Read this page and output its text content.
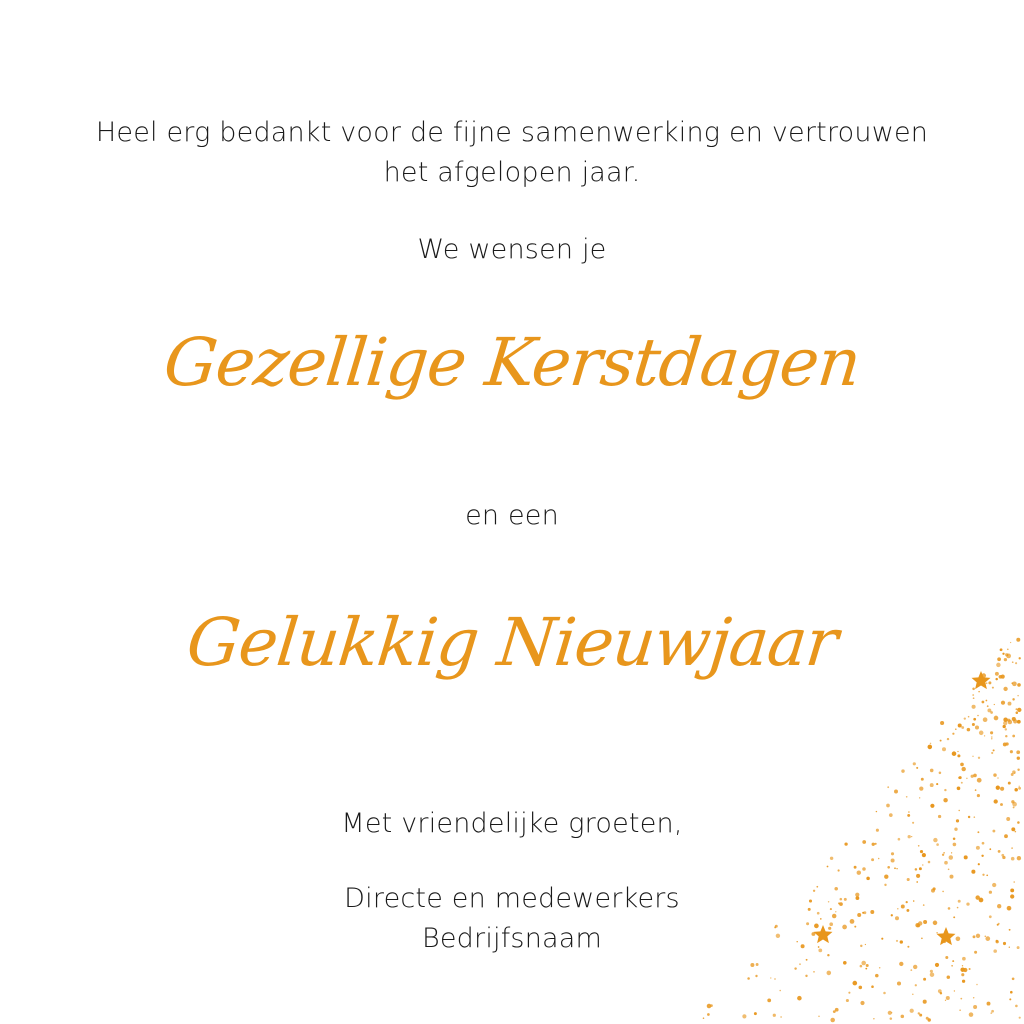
Heel erg bedankt voor de fijne samenwerking en vertrouwen
het afgelopen jaar.
We wensen je
Gezellige Kerstdagen
en een
Gelukkig Nieuwjaar
Met vriendelijke groeten,
Directe en medewerkers
Bedrijfsnaam
